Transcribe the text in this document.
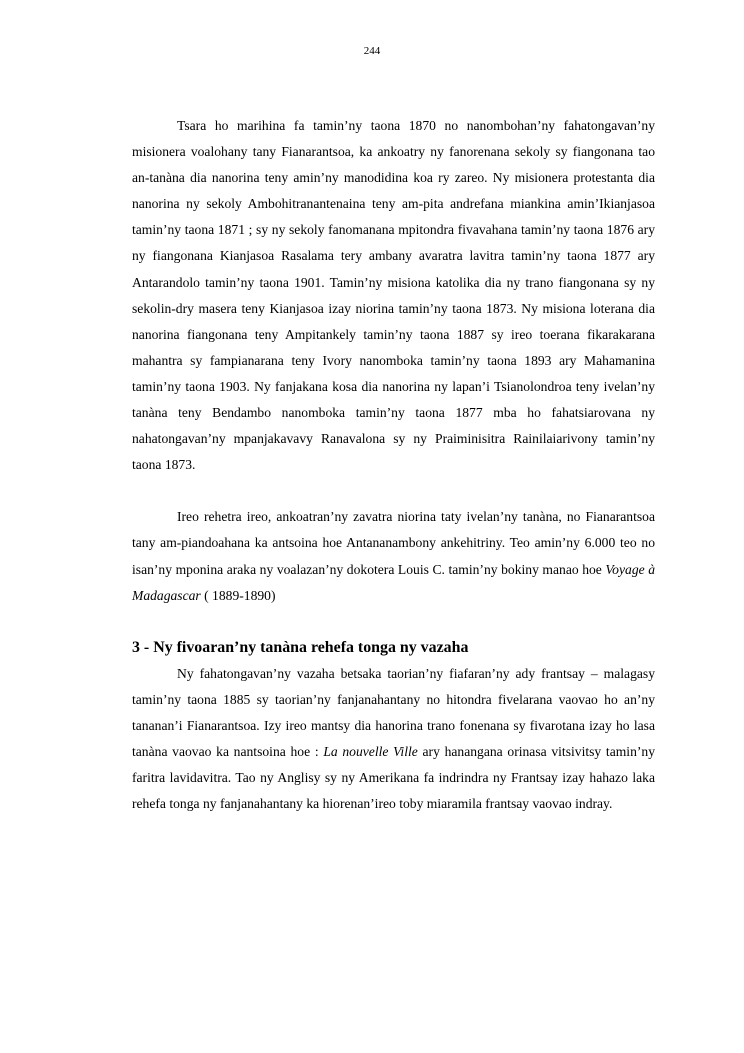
244

Tsara ho marihina fa tamin’ny taona 1870 no nanombohan’ny fahatongavan’ny misionera voalohany tany Fianarantsoa, ka ankoatry ny fanorenana sekoly sy fiangonana tao an-tanàna dia nanorina teny amin’ny manodidina koa ry zareo. Ny misionera protestanta dia nanorina ny sekoly Ambohitranantenaina teny am-pita andrefana miankina amin’Ikianjasoa tamin’ny taona 1871 ; sy ny sekoly fanomanana mpitondra fivavahana tamin’ny taona 1876 ary ny fiangonana Kianjasoa Rasalama tery ambany avaratra lavitra tamin’ny taona 1877 ary Antarandolo tamin’ny taona 1901. Tamin’ny misiona katolika dia ny trano fiangonana sy ny sekolin-dry masera teny Kianjasoa izay niorina tamin’ny taona 1873. Ny misiona loterana dia nanorina fiangonana teny Ampitankely tamin’ny taona 1887 sy ireo toerana fikarakarana mahantra sy fampianarana teny Ivory nanomboka tamin’ny taona 1893 ary Mahamanina tamin’ny taona 1903. Ny fanjakana kosa dia nanorina ny lapan’i Tsianolondroa teny ivelan’ny tanàna teny Bendambo nanomboka tamin’ny taona 1877 mba ho fahatsiarovana ny nahatongavan’ny mpanjakavavy Ranavalona sy ny Praiminisitra Rainilaiarivony tamin’ny taona 1873.

Ireo rehetra ireo, ankoatran’ny zavatra niorina taty ivelan’ny tanàna, no Fianarantsoa tany am-piandoahana ka antsoina hoe Antananambony ankehitriny. Teo amin’ny 6.000 teo no isan’ny mponina araka ny voalazan’ny dokotera Louis C. tamin’ny bokiny manao hoe Voyage à Madagascar ( 1889-1890)

3 - Ny fivoaran’ny tanàna rehefa tonga ny vazaha

Ny fahatongavan’ny vazaha betsaka taorian’ny fiafaran’ny ady frantsay – malagasy tamin’ny taona 1885 sy taorian’ny fanjanahantany no hitondra fivelarana vaovao ho an’ny tananan’i Fianarantsoa. Izy ireo mantsy dia hanorina trano fonenana sy fivarotana izay ho lasa tanàna vaovao ka nantsoina hoe : La nouvelle Ville ary hanangana orinasa vitsivitsy tamin’ny faritra lavidavitra. Tao ny Anglisy sy ny Amerikana fa indrindra ny Frantsay izay hahazo laka rehefa tonga ny fanjanahantany ka hiorenan’ireo toby miaramila frantsay vaovao indray.
